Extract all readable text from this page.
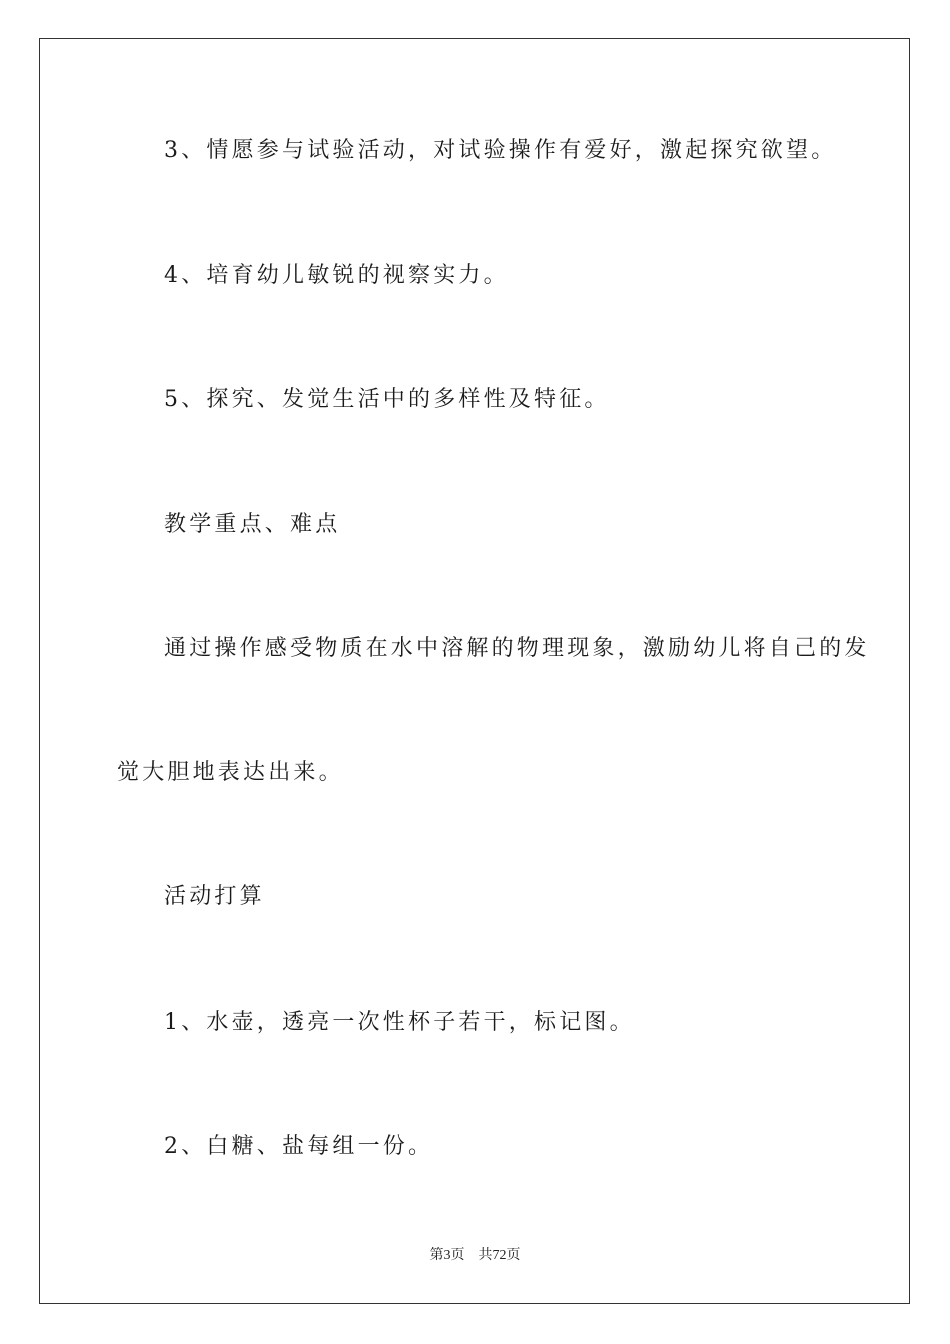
3、情愿参与试验活动，对试验操作有爱好，激起探究欲望。
4、培育幼儿敏锐的视察实力。
5、探究、发觉生活中的多样性及特征。
教学重点、难点
通过操作感受物质在水中溶解的物理现象，激励幼儿将自己的发
觉大胆地表达出来。
活动打算
1、水壶，透亮一次性杯子若干，标记图。
2、白糖、盐每组一份。
第3页 共72页
